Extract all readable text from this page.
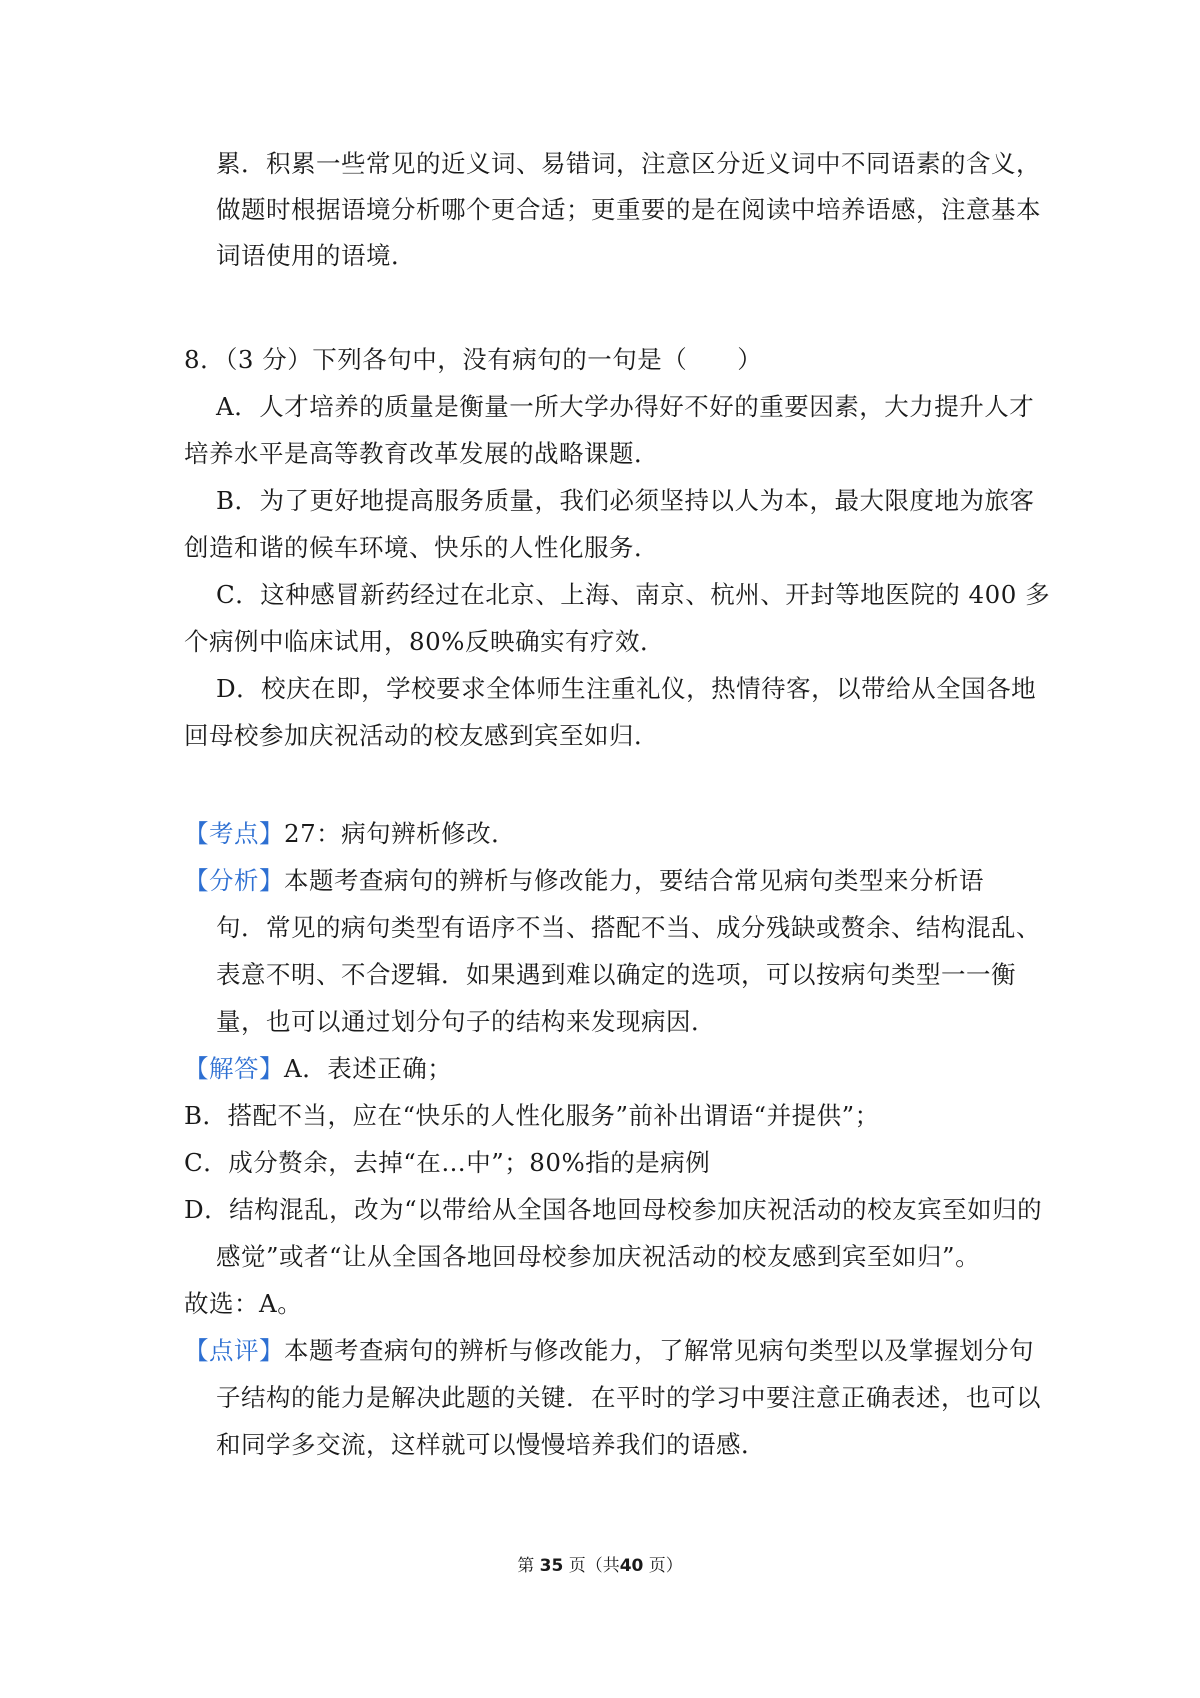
累．积累一些常见的近义词、易错词，注意区分近义词中不同语素的含义，
做题时根据语境分析哪个更合适；更重要的是在阅读中培养语感，注意基本
词语使用的语境．
8．（3 分）下列各句中，没有病句的一句是（　　）
A．人才培养的质量是衡量一所大学办得好不好的重要因素，大力提升人才
培养水平是高等教育改革发展的战略课题．
B．为了更好地提高服务质量，我们必须坚持以人为本，最大限度地为旅客
创造和谐的候车环境、快乐的人性化服务．
C．这种感冒新药经过在北京、上海、南京、杭州、开封等地医院的 400 多
个病例中临床试用，80%反映确实有疗效．
D．校庆在即，学校要求全体师生注重礼仪，热情待客，以带给从全国各地
回母校参加庆祝活动的校友感到宾至如归．
【考点】27：病句辨析修改．
【分析】本题考查病句的辨析与修改能力，要结合常见病句类型来分析语
句．常见的病句类型有语序不当、搭配不当、成分残缺或赘余、结构混乱、
表意不明、不合逻辑．如果遇到难以确定的选项，可以按病句类型一一衡
量，也可以通过划分句子的结构来发现病因．
【解答】A．表述正确；
B．搭配不当，应在“快乐的人性化服务”前补出谓语“并提供”；
C．成分赘余，去掉“在…中”；80%指的是病例
D．结构混乱，改为“以带给从全国各地回母校参加庆祝活动的校友宾至如归的
感觉”或者“让从全国各地回母校参加庆祝活动的校友感到宾至如归”。
故选：A。
【点评】本题考查病句的辨析与修改能力，了解常见病句类型以及掌握划分句
子结构的能力是解决此题的关键．在平时的学习中要注意正确表述，也可以
和同学多交流，这样就可以慢慢培养我们的语感．
第 35 页（共40 页）
